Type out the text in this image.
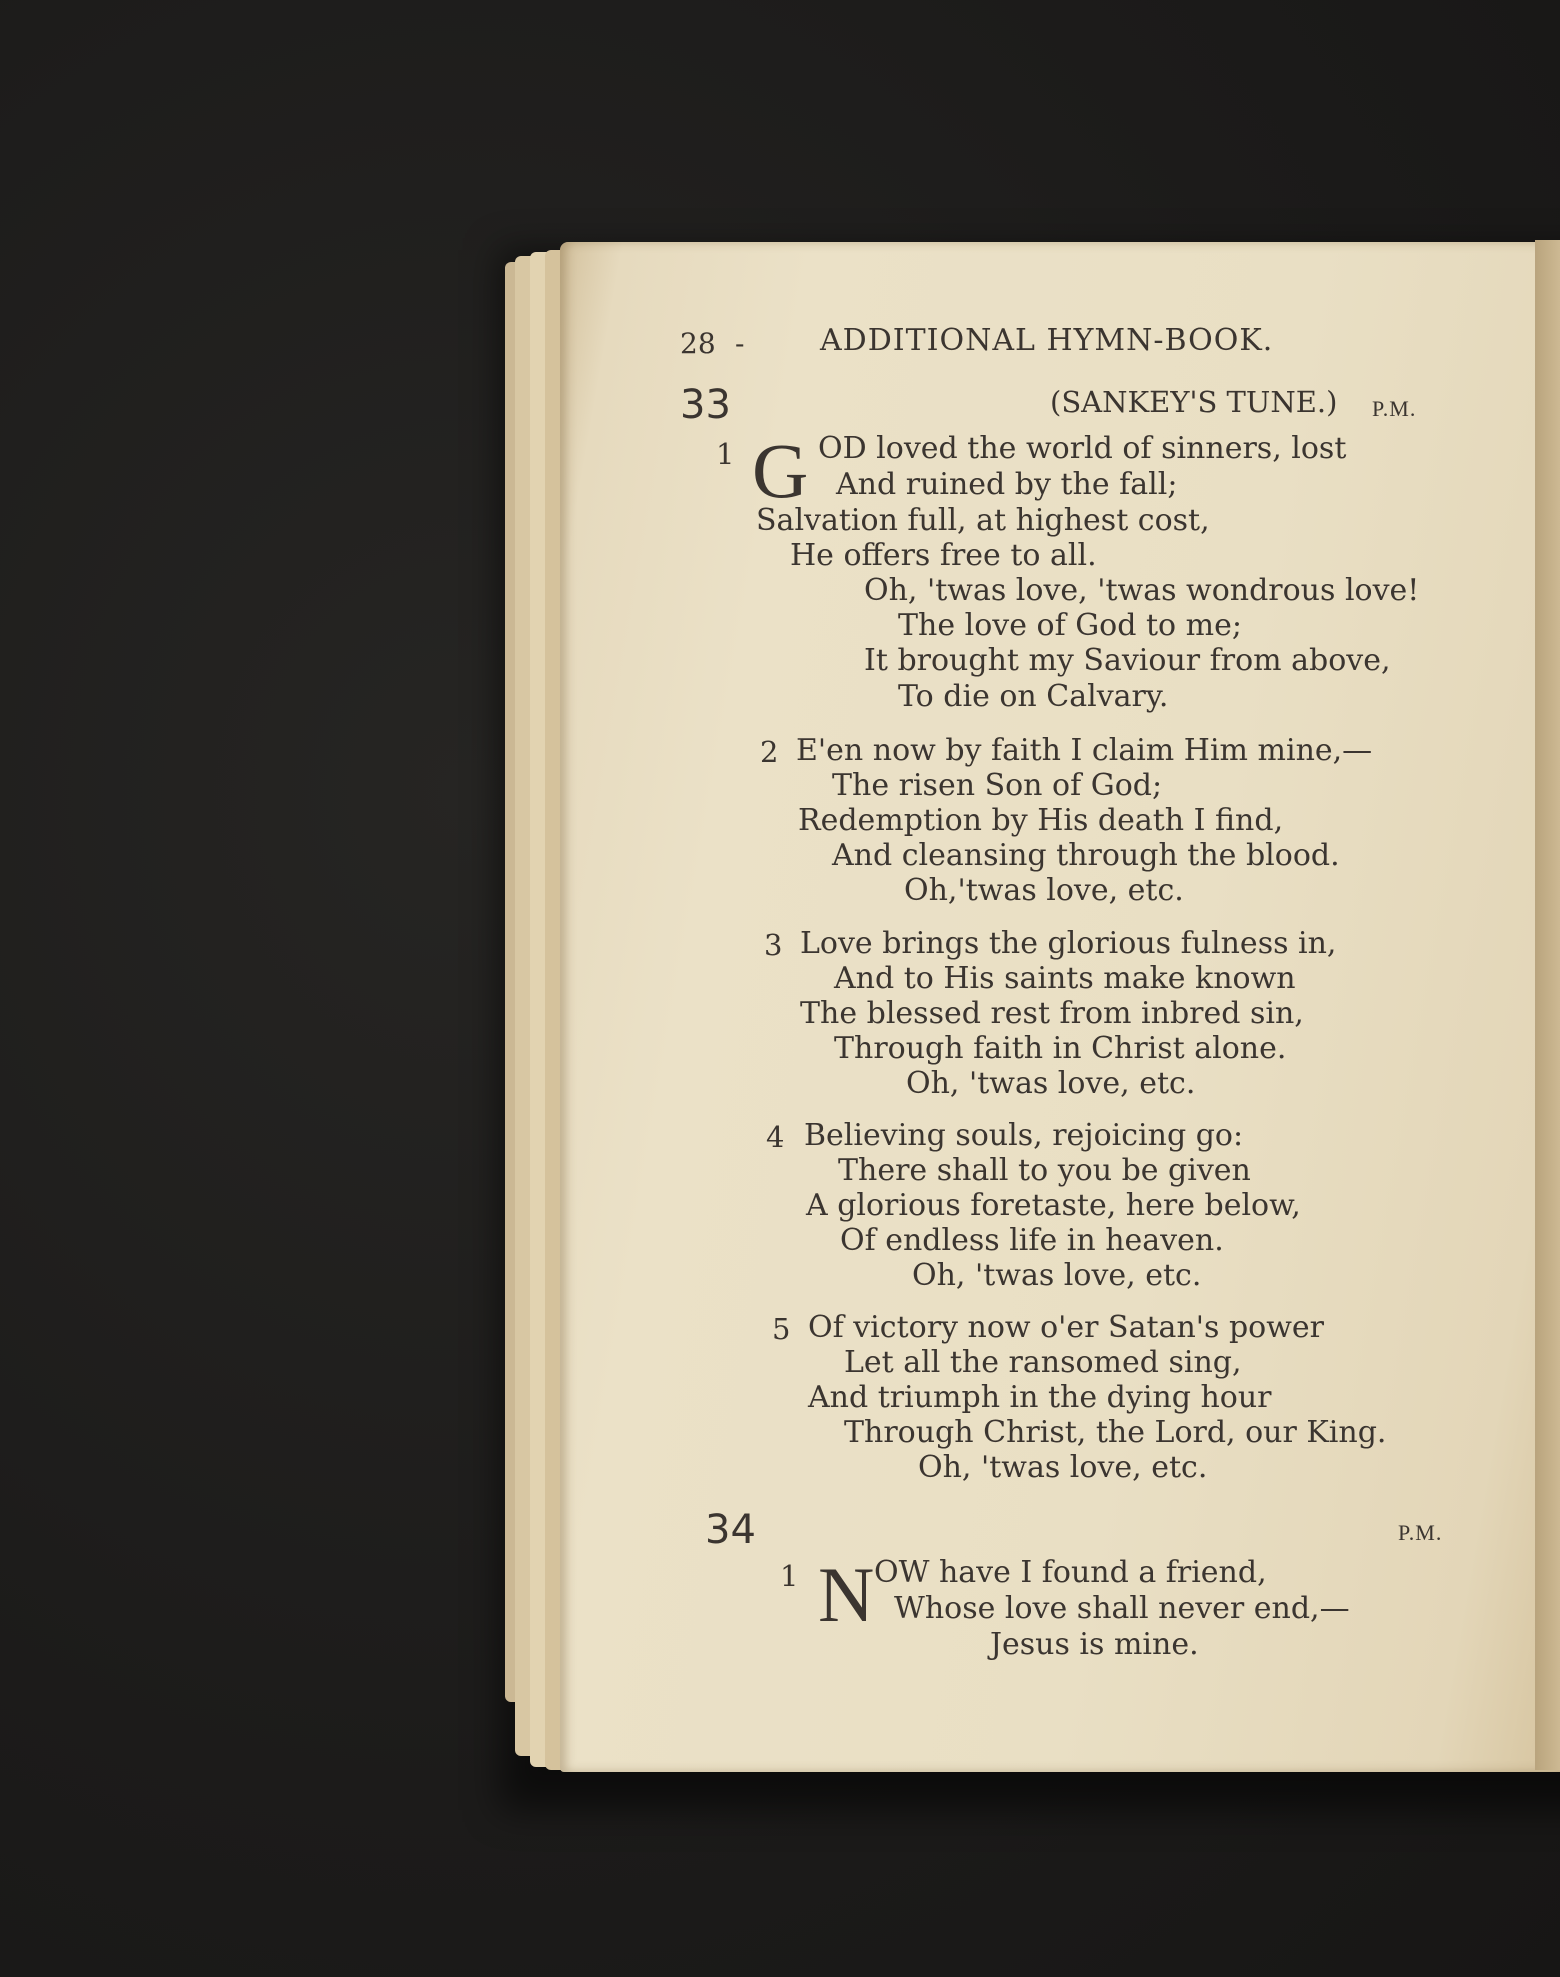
28 -	ADDITIONAL HYMN-BOOK.
33	(SANKEY'S TUNE.) P.M.
1 G OD loved the world of sinners, lost
And ruined by the fall;
Salvation full, at highest cost,
He offers free to all.
Oh, 'twas love, 'twas wondrous love!
The love of God to me;
It brought my Saviour from above,
To die on Calvary.
2 E'en now by faith I claim Him mine,—
The risen Son of God;
Redemption by His death I find,
And cleansing through the blood.
Oh,'twas love, etc.
3 Love brings the glorious fulness in,
And to His saints make known
The blessed rest from inbred sin,
Through faith in Christ alone.
Oh, 'twas love, etc.
4 Believing souls, rejoicing go:
There shall to you be given
A glorious foretaste, here below,
Of endless life in heaven.
Oh, 'twas love, etc.
5 Of victory now o'er Satan's power
Let all the ransomed sing,
And triumph in the dying hour
Through Christ, the Lord, our King.
Oh, 'twas love, etc.
34	P.M.
1 N OW have I found a friend,
Whose love shall never end,—
Jesus is mine.
